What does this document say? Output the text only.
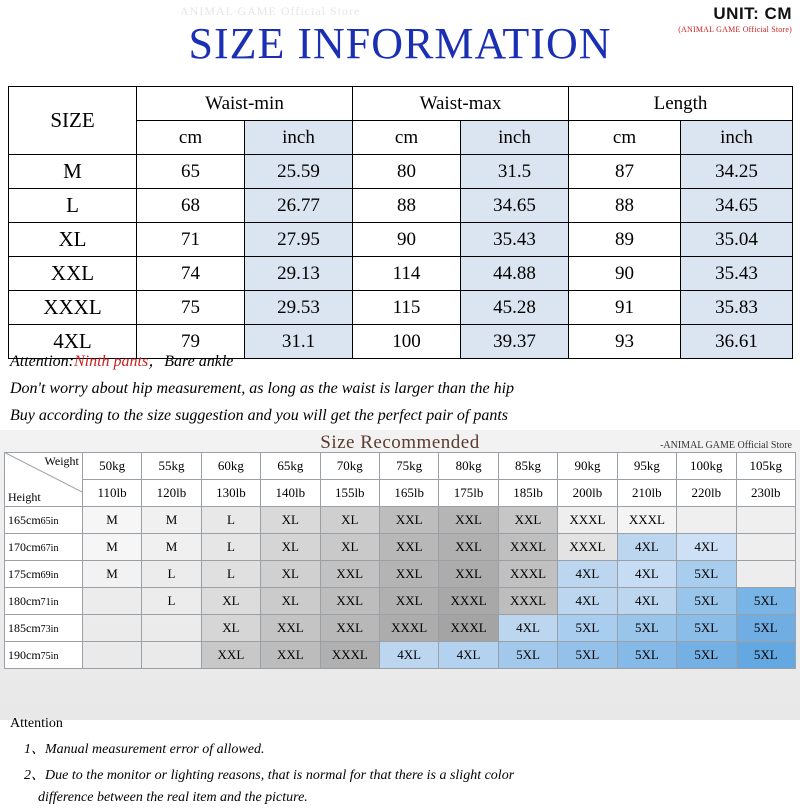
ANIMAL GAME Official Store	UNIT: CM
(ANIMAL GAME Official Store)
SIZE INFORMATION
SIZE	Waist-min		Waist-max		Length	
	cm	inch	cm	inch	cm	inch
M	65	25.59	80	31.5	87	34.25
L	68	26.77	88	34.65	88	34.65
XL	71	27.95	90	35.43	89	35.04
XXL	74	29.13	114	44.88	90	35.43
XXXL	75	29.53	115	45.28	91	35.83
4XL	79	31.1	100	39.37	93	36.61
Attention:Ninth pants，Bare ankle
Don't worry about hip measurement, as long as the waist is larger than the hip
Buy according to the size suggestion and you will get the perfect pair of pants
Size Recommended	-ANIMAL GAME Official Store
Weight
Height	50kg	55kg	60kg	65kg	70kg	75kg	80kg	85kg	90kg	95kg	100kg	105kg
	110lb	120lb	130lb	140lb	155lb	165lb	175lb	185lb	200lb	210lb	220lb	230lb
165cm65in	M	M	L	XL	XL	XXL	XXL	XXL	XXXL	XXXL		
170cm67in	M	M	L	XL	XL	XXL	XXL	XXXL	XXXL	4XL	4XL	
175cm69in	M	L	L	XL	XXL	XXL	XXL	XXXL	4XL	4XL	5XL	
180cm71in		L	XL	XL	XXL	XXL	XXXL	XXXL	4XL	4XL	5XL	5XL
185cm73in			XL	XXL	XXL	XXXL	XXXL	4XL	5XL	5XL	5XL	5XL
190cm75in			XXL	XXL	XXXL	4XL	4XL	5XL	5XL	5XL	5XL	5XL
Attention
1、Manual measurement error of allowed.
2、Due to the monitor or lighting reasons, that is normal for that there is a slight color
difference between the real item and the picture.
